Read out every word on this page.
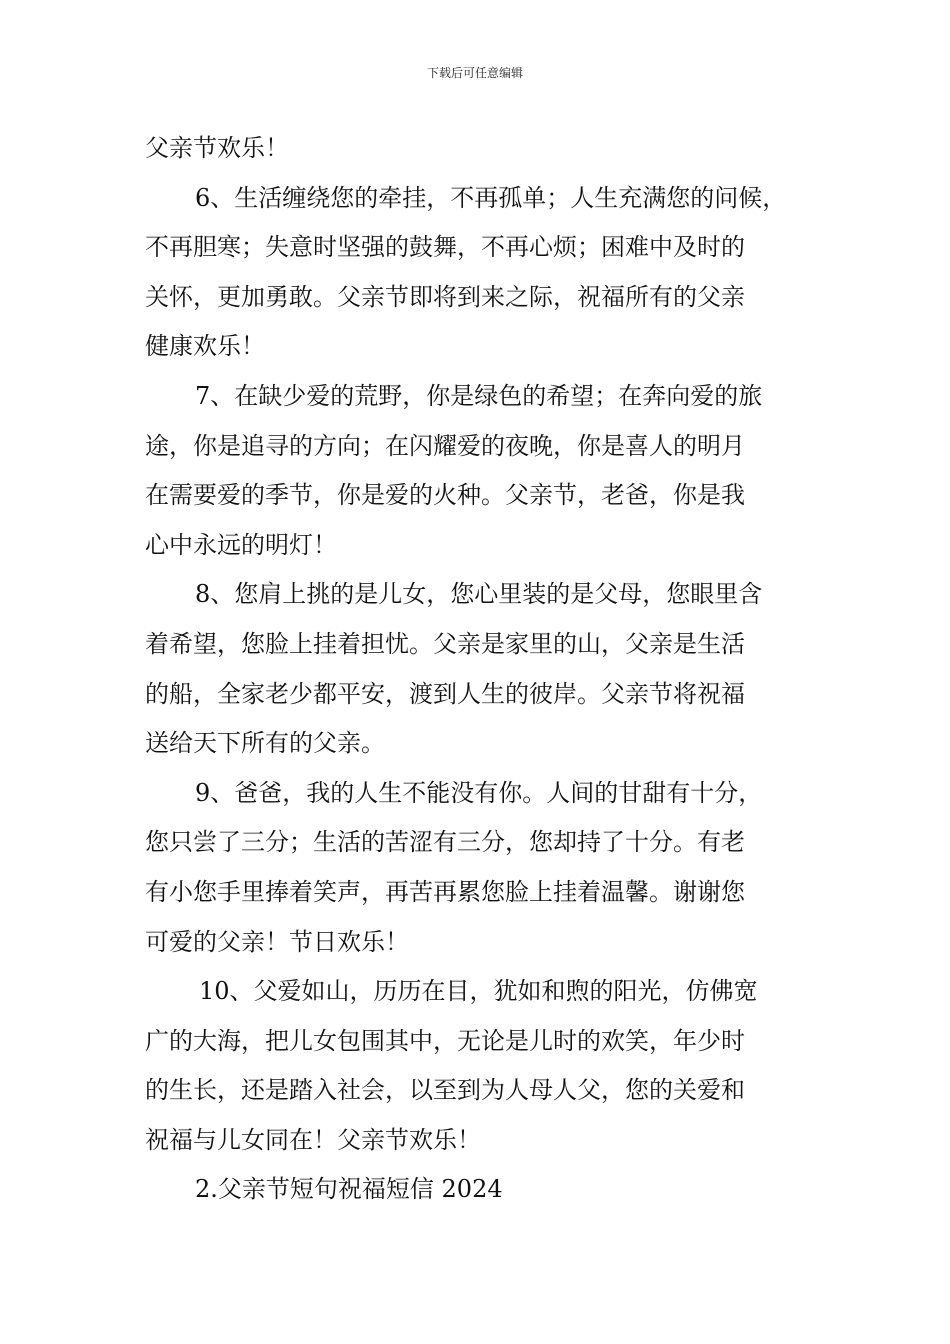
下载后可任意编辑
父亲节欢乐！
6、生活缠绕您的牵挂，不再孤单；人生充满您的问候，
不再胆寒；失意时坚强的鼓舞，不再心烦；困难中及时的
关怀，更加勇敢。父亲节即将到来之际，祝福所有的父亲
健康欢乐！
7、在缺少爱的荒野，你是绿色的希望；在奔向爱的旅
途，你是追寻的方向；在闪耀爱的夜晚，你是喜人的明月
在需要爱的季节，你是爱的火种。父亲节，老爸，你是我
心中永远的明灯！
8、您肩上挑的是儿女，您心里装的是父母，您眼里含
着希望，您脸上挂着担忧。父亲是家里的山，父亲是生活
的船，全家老少都平安，渡到人生的彼岸。父亲节将祝福
送给天下所有的父亲。
9、爸爸，我的人生不能没有你。人间的甘甜有十分，
您只尝了三分；生活的苦涩有三分，您却持了十分。有老
有小您手里捧着笑声，再苦再累您脸上挂着温馨。谢谢您
可爱的父亲！节日欢乐！
10、父爱如山，历历在目，犹如和煦的阳光，仿佛宽
广的大海，把儿女包围其中，无论是儿时的欢笑，年少时
的生长，还是踏入社会，以至到为人母人父，您的关爱和
祝福与儿女同在！父亲节欢乐！
2.父亲节短句祝福短信 2024
